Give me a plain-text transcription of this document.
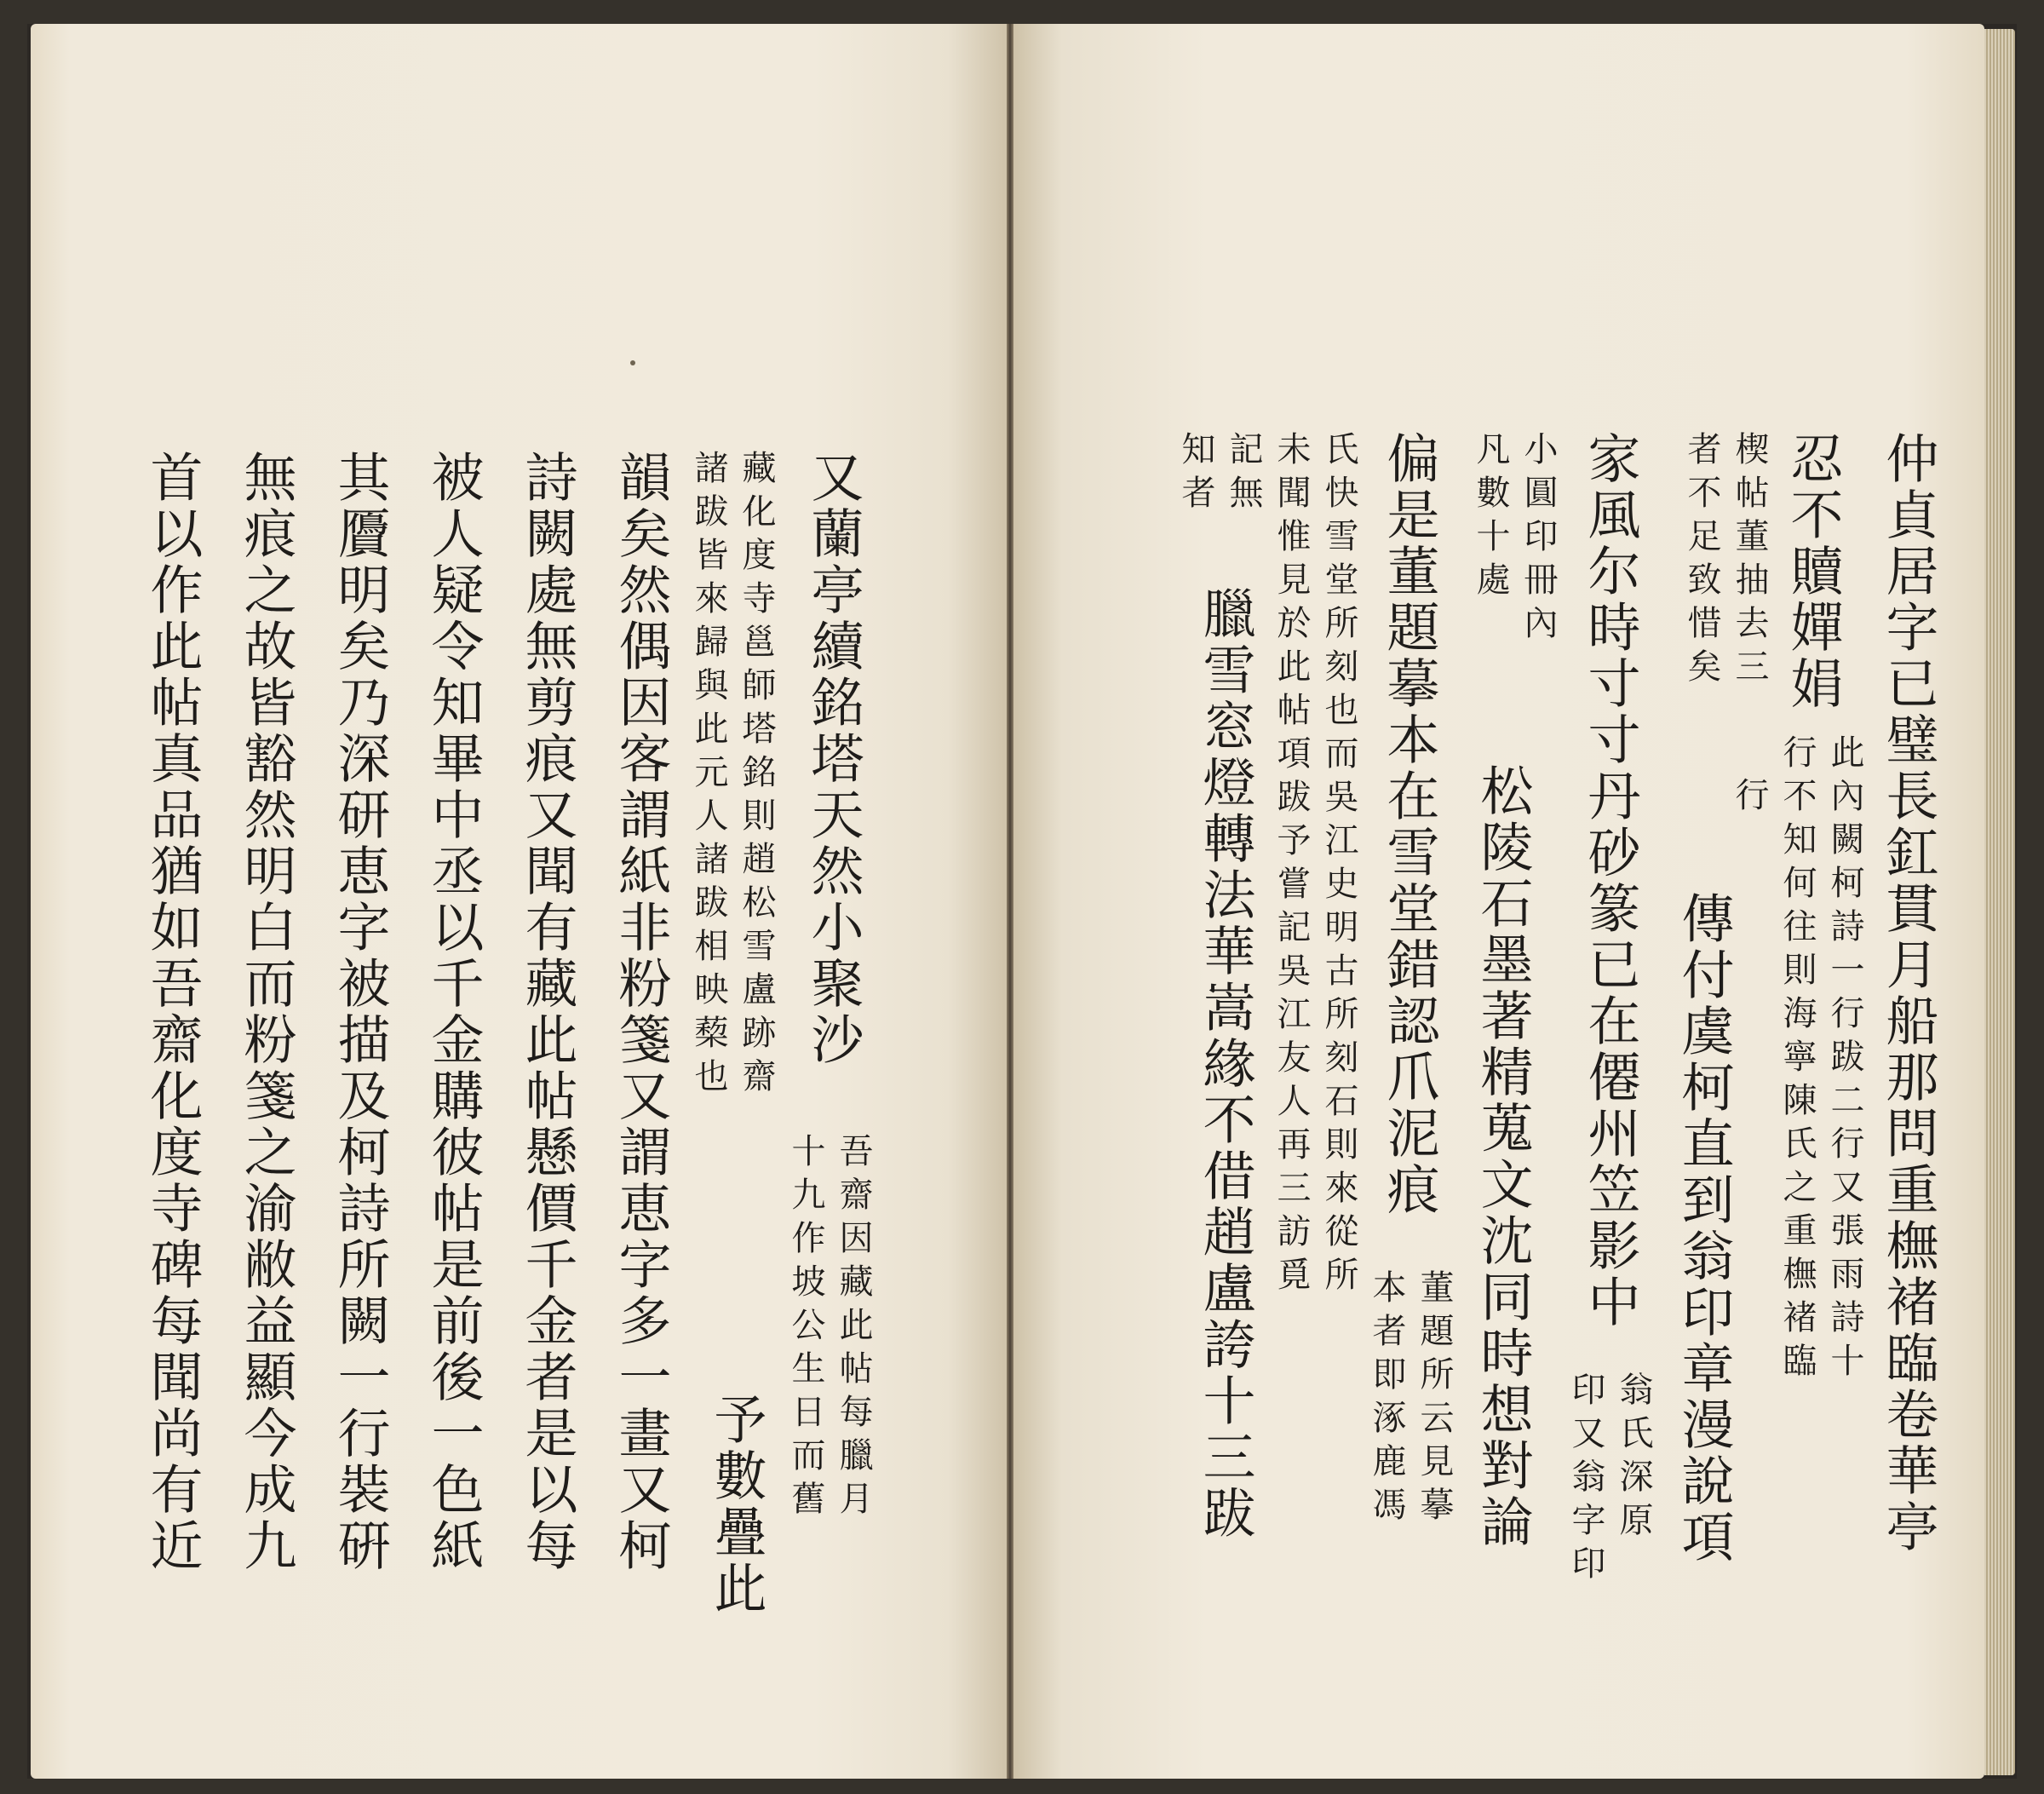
又蘭亭續銘塔天然小聚沙
吾齋因藏此帖每臘月
十九作坡公生日而舊
藏化度寺邕師塔銘則趙松雪盧跡齋
諸跋皆來歸與此元人諸跋相映蔾也
韻矣然偶因客謂紙非粉箋又謂恵字多一畫又柯 予數疊此
詩闕處無剪痕又聞有藏此帖懸價千金者是以每
被人疑令知畢中丞以千金購彼帖是前後一色紙
其贗明矣乃深研恵字被描及柯詩所闕一行裝硏
無痕之故皆豁然明白而粉箋之渝敝益顯今成九
首以作此帖真品猶如吾齋化度寺碑每聞尚有近	仲貞居字已璧長釭貫月船那問重橅褚臨卷華亭
此內闕柯詩一行跋二行又張雨詩十
忍不贖嬋娟
行不知何往則海寧陳氏之重橅褚臨
楔帖董抽去三
行
者不足致惜矣
傳付虞柯直到翁印章漫說項
家風尔時寸寸丹砂篆已在僊州笠影中
翁氏深原
印又翁字印
小圓印冊內
凡數十處
松陵石墨著精蒐文沈同時想對論
偏是董題摹本在雪堂錯認爪泥痕
董題所云見摹
本者即涿鹿馮
氏快雪堂所刻也而吳江史明古所刻石則來從所
未聞惟見於此帖項跋予嘗記吳江友人再三訪覓
記無
知者
臘雪窓燈轉法華嵩緣不借趙盧誇十三跋
